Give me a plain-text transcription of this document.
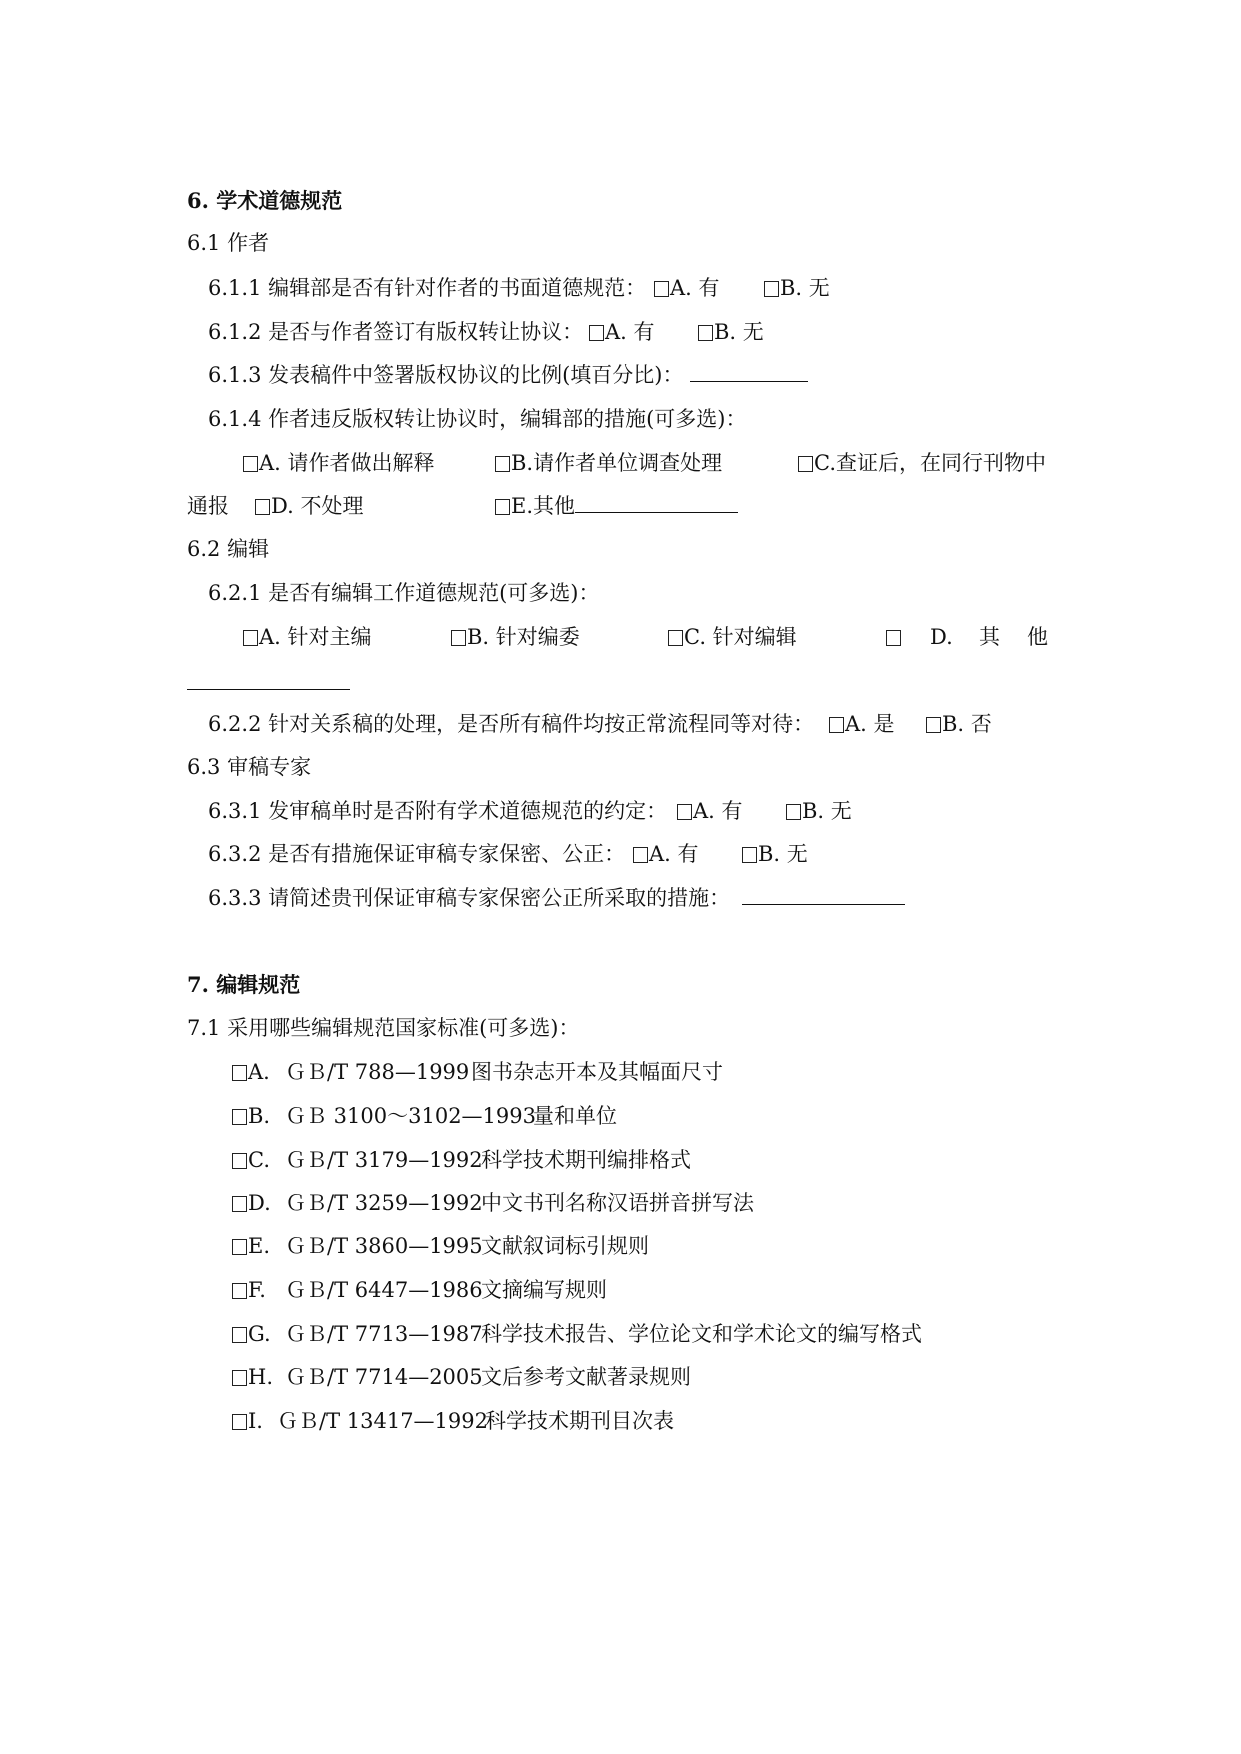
6. 学术道德规范
6.1 作者
6.1.1 编辑部是否有针对作者的书面道德规范：	A. 有	B. 无
6.1.2 是否与作者签订有版权转让协议：	A. 有	B. 无
6.1.3 发表稿件中签署版权协议的比例(填百分比)：
6.1.4 作者违反版权转让协议时，编辑部的措施(可多选)：
A. 请作者做出解释	B.请作者单位调查处理	C.查证后，在同行刊物中
通报	D. 不处理	E.其他
6.2 编辑
6.2.1 是否有编辑工作道德规范(可多选)：
A. 针对主编	B. 针对编委	C. 针对编辑	D. 其 他
6.2.2 针对关系稿的处理，是否所有稿件均按正常流程同等对待：	A. 是	B. 否
6.3 审稿专家
6.3.1 发审稿单时是否附有学术道德规范的约定：	A. 有	B. 无
6.3.2 是否有措施保证审稿专家保密、公正：	A. 有	B. 无
6.3.3 请简述贵刊保证审稿专家保密公正所采取的措施：
7. 编辑规范
7.1 采用哪些编辑规范国家标准(可多选)：
A. ＧＢ/T 788—1999 图书杂志开本及其幅面尺寸
B. ＧＢ 3100～3102—1993
量和单位
C. ＧＢ/T 3179—1992
科学技术期刊编排格式
D. ＧＢ/T 3259—1992
中文书刊名称汉语拼音拼写法
E. ＧＢ/T 3860—1995
文献叙词标引规则
F. ＧＢ/T 6447—1986
文摘编写规则
G. ＧＢ/T 7713—1987
科学技术报告、学位论文和学术论文的编写格式
H. ＧＢ/T 7714—2005
文后参考文献著录规则
I. ＧＢ/T 13417—1992
科学技术期刊目次表
